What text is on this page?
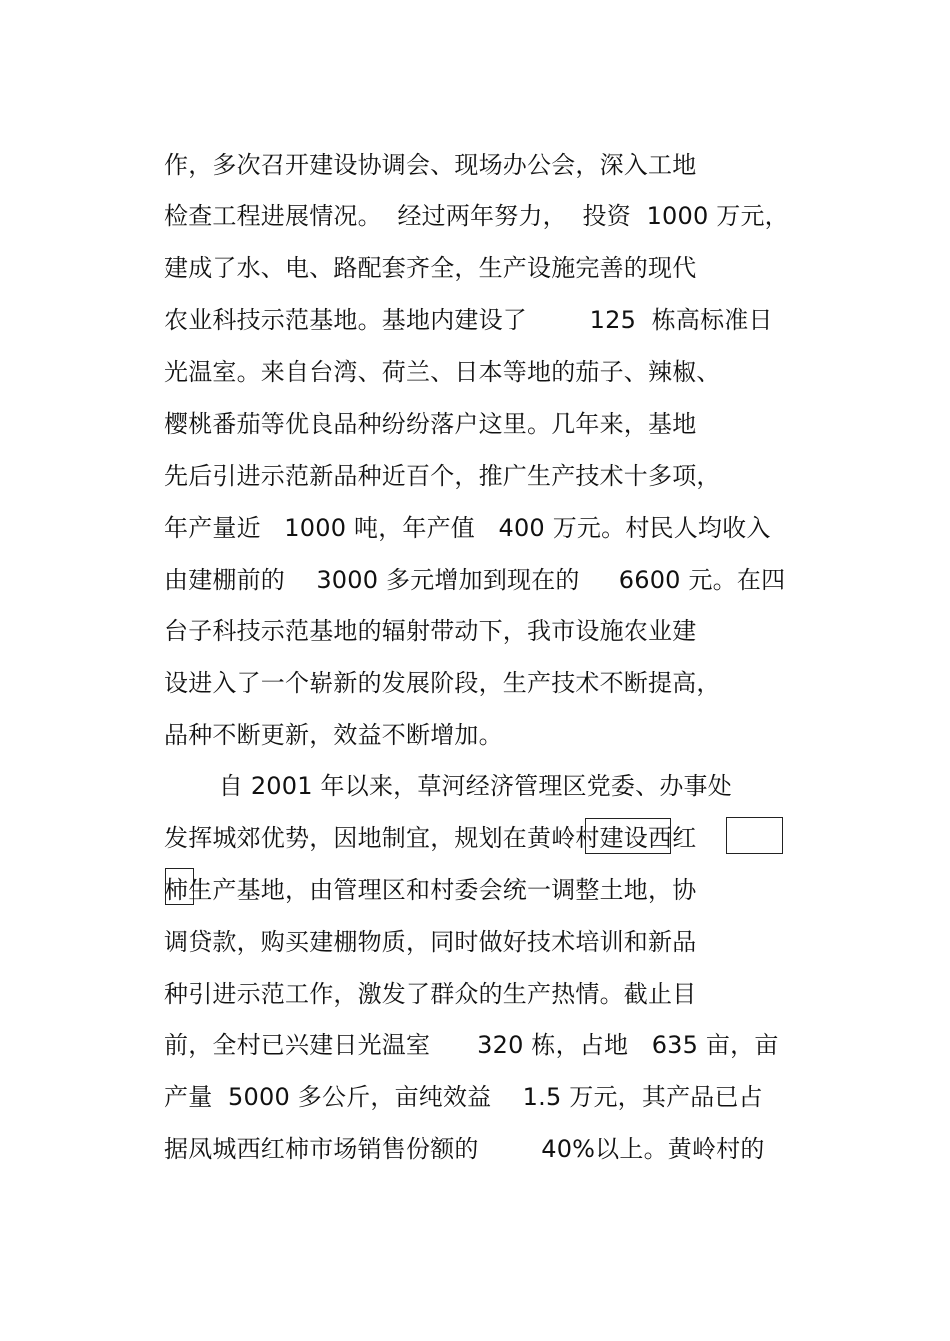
作，多次召开建设协调会、现场办公会，深入工地
检查工程进展情况。  经过两年努力，  投资  1000 万元，
建成了水、电、路配套齐全，生产设施完善的现代
农业科技示范基地。基地内建设了        125  栋高标准日
光温室。来自台湾、荷兰、日本等地的茄子、辣椒、
樱桃番茄等优良品种纷纷落户这里。几年来，基地
先后引进示范新品种近百个，推广生产技术十多项，
年产量近   1000 吨，年产值   400 万元。村民人均收入
由建棚前的    3000 多元增加到现在的     6600 元。在四
台子科技示范基地的辐射带动下，我市设施农业建
设进入了一个崭新的发展阶段，生产技术不断提高，
品种不断更新，效益不断增加。
自 2001 年以来，草河经济管理区党委、办事处
发挥城郊优势，因地制宜，规划在黄岭村建设西红
柿生产基地，由管理区和村委会统一调整土地，协
调贷款，购买建棚物质，同时做好技术培训和新品
种引进示范工作，激发了群众的生产热情。截止目
前，全村已兴建日光温室      320 栋，占地   635 亩，亩
产量  5000 多公斤，亩纯效益    1.5 万元，其产品已占
据凤城西红柿市场销售份额的        40%以上。黄岭村的
